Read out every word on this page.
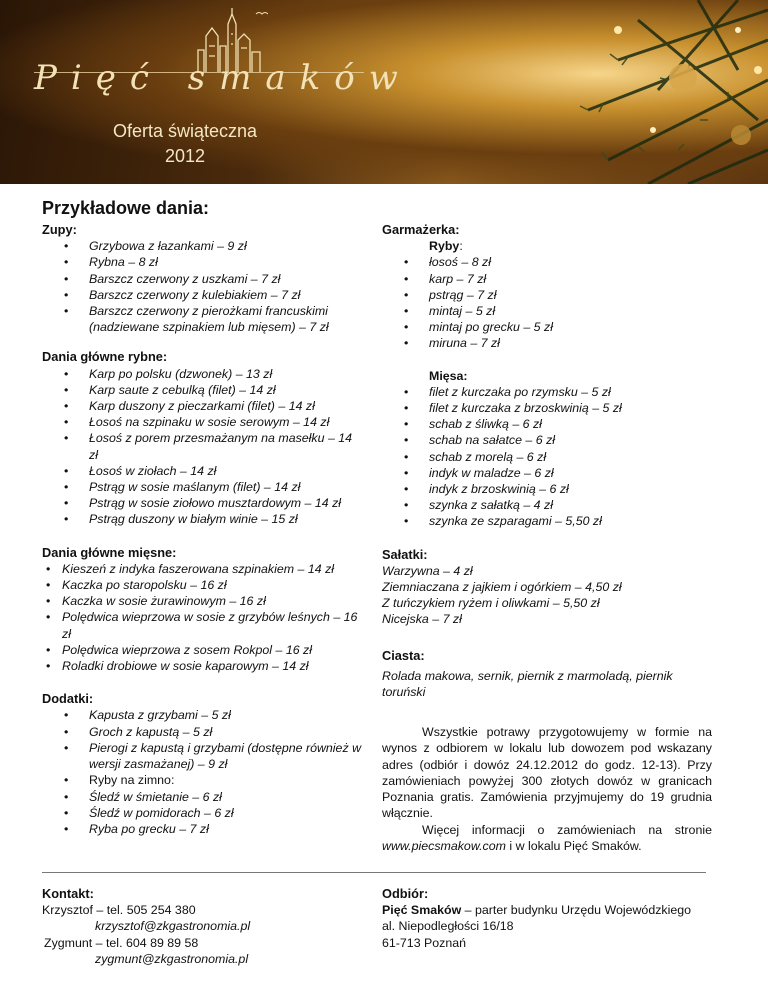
Pięć smaków
Oferta świąteczna
2012
Przykładowe dania:
Zupy:
• Grzybowa z łazankami – 9 zł
• Rybna – 8 zł
• Barszcz czerwony z uszkami – 7 zł
• Barszcz czerwony z kulebiakiem – 7 zł
• Barszcz czerwony z pierożkami francuskimi (nadziewane szpinakiem lub mięsem) – 7 zł
Dania główne rybne:
• Karp po polsku (dzwonek) – 13 zł
• Karp saute z cebulką (filet) – 14 zł
• Karp duszony z pieczarkami (filet) – 14 zł
• Łosoś na szpinaku w sosie serowym – 14 zł
• Łosoś z porem przesmażanym na masełku – 14 zł
• Łosoś w ziołach – 14 zł
• Pstrąg w sosie maślanym (filet) – 14 zł
• Pstrąg w sosie ziołowo musztardowym – 14 zł
• Pstrąg duszony w białym winie – 15 zł
Dania główne mięsne:
• Kieszeń z indyka faszerowana szpinakiem – 14 zł
• Kaczka po staropolsku – 16 zł
• Kaczka w sosie żurawinowym – 16 zł
• Polędwica wieprzowa w sosie z grzybów leśnych – 16 zł
• Polędwica wieprzowa z sosem Rokpol – 16 zł
• Roladki drobiowe w sosie kaparowym – 14 zł
Dodatki:
• Kapusta z grzybami – 5 zł
• Groch z kapustą – 5 zł
• Pierogi z kapustą i grzybami (dostępne również w wersji zasmażanej) – 9 zł
• Ryby na zimno:
• Śledź w śmietanie – 6 zł
• Śledź w pomidorach – 6 zł
• Ryba po grecku – 7 zł
Garmażerka:
Ryby:
• łosoś – 8 zł
• karp – 7 zł
• pstrąg – 7 zł
• mintaj – 5 zł
• mintaj po grecku – 5 zł
• miruna – 7 zł
Mięsa:
• filet z kurczaka po rzymsku – 5 zł
• filet z kurczaka z brzoskwinią – 5 zł
• schab z śliwką – 6 zł
• schab na sałatce – 6 zł
• schab z morelą – 6 zł
• indyk w maladze – 6 zł
• indyk z brzoskwinią – 6 zł
• szynka z sałatką – 4 zł
• szynka ze szparagami – 5,50 zł
Sałatki:
Warzywna – 4 zł
Ziemniaczana z jajkiem i ogórkiem – 4,50 zł
Z tuńczykiem ryżem i oliwkami – 5,50 zł
Nicejska – 7 zł
Ciasta:
Rolada makowa, sernik, piernik z marmoladą, piernik toruński
Wszystkie potrawy przygotowujemy w formie na wynos z odbiorem w lokalu lub dowozem pod wskazany adres (odbiór i dowóz 24.12.2012 do godz. 12-13). Przy zamówieniach powyżej 300 złotych dowóz w granicach Poznania gratis. Zamówienia przyjmujemy do 19 grudnia włącznie.
Więcej informacji o zamówieniach na stronie www.piecsmakow.com i w lokalu Pięć Smaków.
Kontakt:
Krzysztof – tel. 505 254 380
krzysztof@zkgastronomia.pl
Zygmunt – tel. 604 89 89 58
zygmunt@zkgastronomia.pl
Odbiór:
Pięć Smaków – parter budynku Urzędu Wojewódzkiego
al. Niepodległości 16/18
61-713 Poznań
